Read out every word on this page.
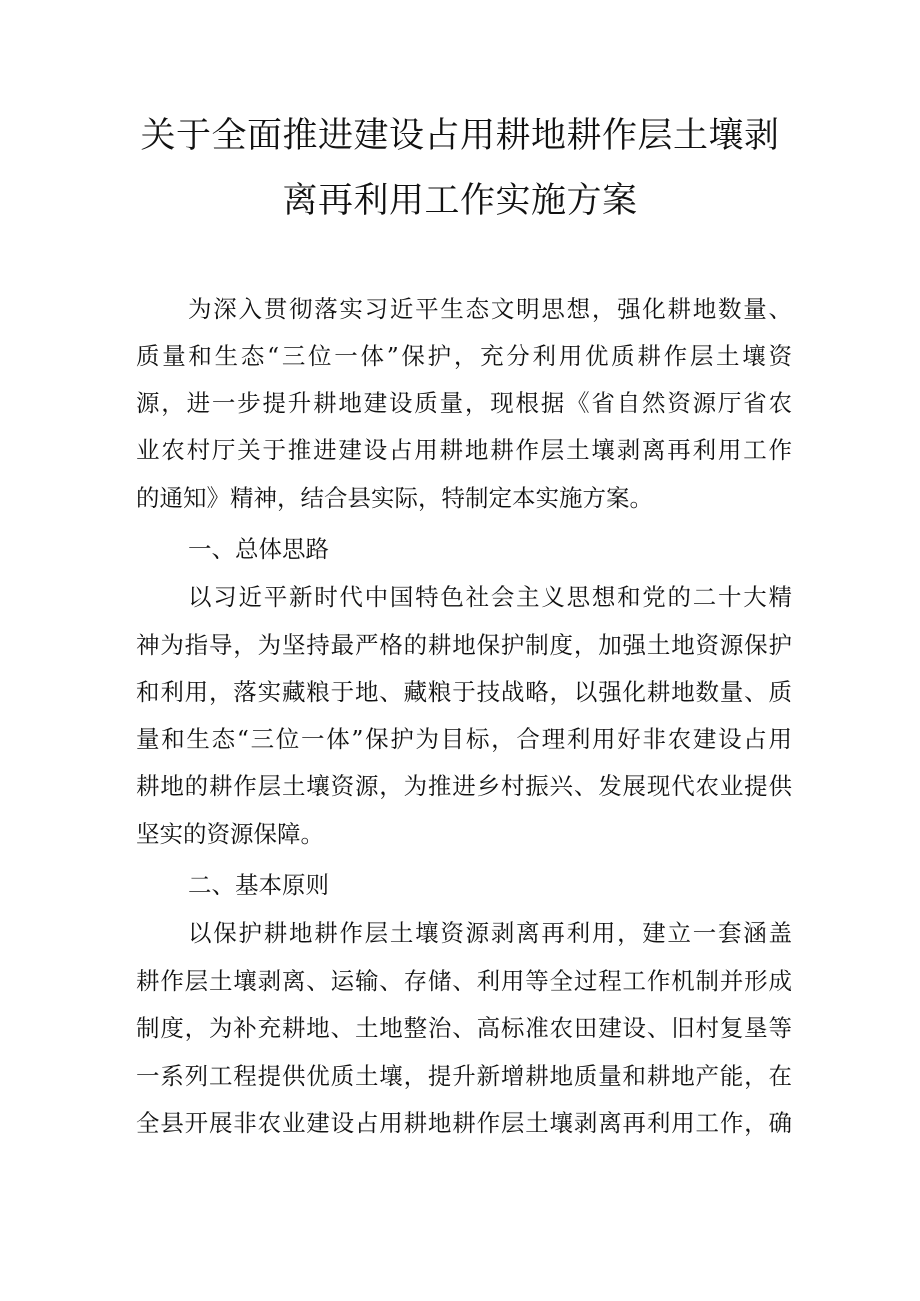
关于全面推进建设占用耕地耕作层土壤剥
离再利用工作实施方案
为深入贯彻落实习近平生态文明思想，强化耕地数量、
质量和生态“三位一体”保护，充分利用优质耕作层土壤资
源，进一步提升耕地建设质量，现根据《省自然资源厅省农
业农村厅关于推进建设占用耕地耕作层土壤剥离再利用工作
的通知》精神，结合县实际，特制定本实施方案。
一、总体思路
以习近平新时代中国特色社会主义思想和党的二十大精
神为指导，为坚持最严格的耕地保护制度，加强土地资源保护
和利用，落实藏粮于地、藏粮于技战略，以强化耕地数量、质
量和生态“三位一体”保护为目标，合理利用好非农建设占用
耕地的耕作层土壤资源，为推进乡村振兴、发展现代农业提供
坚实的资源保障。
二、基本原则
以保护耕地耕作层土壤资源剥离再利用，建立一套涵盖
耕作层土壤剥离、运输、存储、利用等全过程工作机制并形成
制度，为补充耕地、土地整治、高标准农田建设、旧村复垦等
一系列工程提供优质土壤，提升新增耕地质量和耕地产能，在
全县开展非农业建设占用耕地耕作层土壤剥离再利用工作，确
